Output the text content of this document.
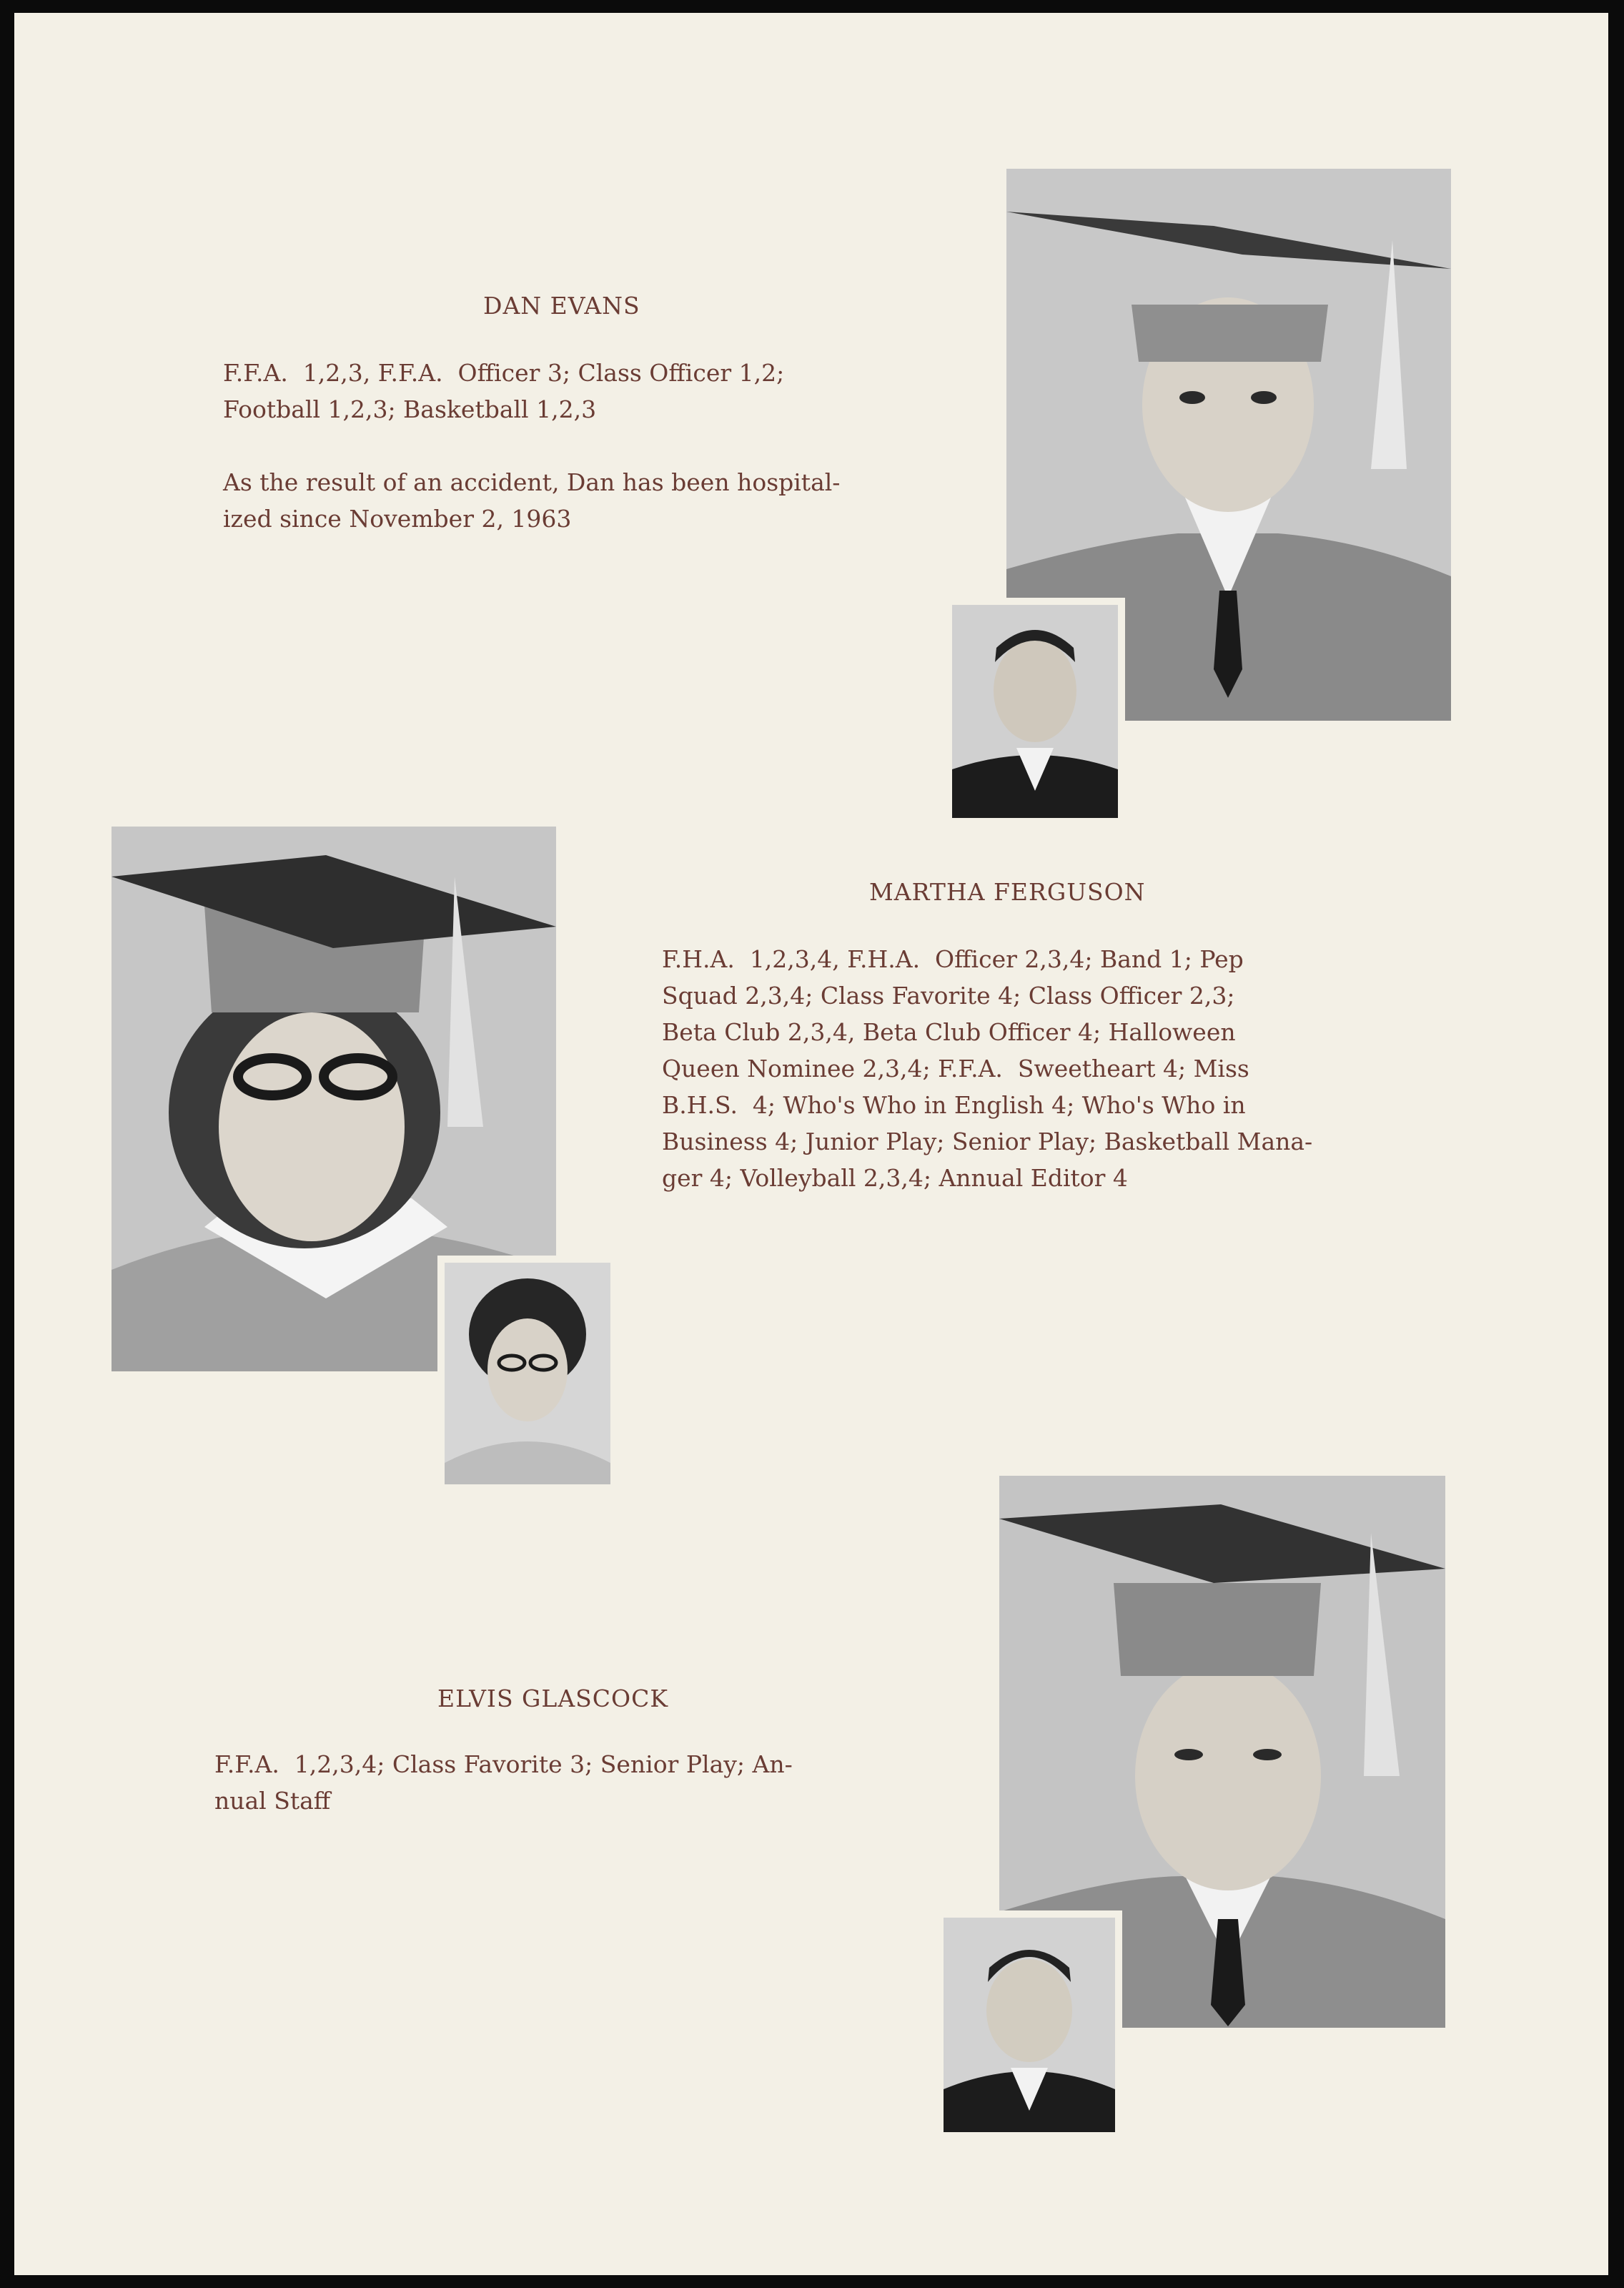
DAN EVANS

F.F.A.  1,2,3, F.F.A.  Officer 3; Class Officer 1,2;

Football 1,2,3; Basketball 1,2,3

As the result of an accident, Dan has been hospital-

ized since November 2, 1963

MARTHA FERGUSON

F.H.A.  1,2,3,4, F.H.A.  Officer 2,3,4; Band 1; Pep

Squad 2,3,4; Class Favorite 4; Class Officer 2,3;

Beta Club 2,3,4, Beta Club Officer 4; Halloween

Queen Nominee 2,3,4; F.F.A.  Sweetheart 4; Miss

B.H.S.  4; Who's Who in English 4; Who's Who in

Business 4; Junior Play; Senior Play; Basketball Mana-

ger 4; Volleyball 2,3,4; Annual Editor 4

ELVIS GLASCOCK

F.F.A.  1,2,3,4; Class Favorite 3; Senior Play; An-

nual Staff
